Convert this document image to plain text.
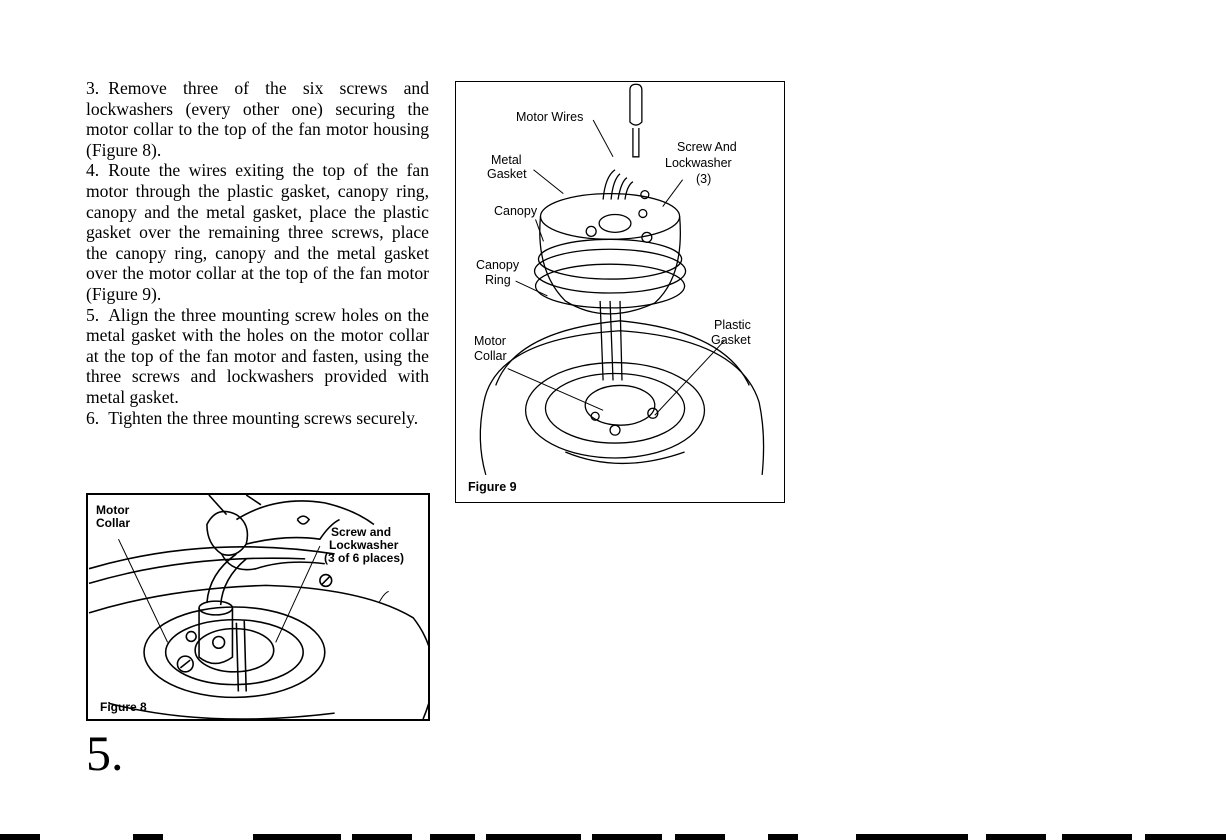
3. Remove three of the six screws and lockwashers (every other one) securing the motor collar to the top of the fan motor housing (Figure 8).

4. Route the wires exiting the top of the fan motor through the plastic gasket, canopy ring, canopy and the metal gasket, place the plastic gasket over the remaining three screws, place the canopy ring, canopy and the metal gasket over the motor collar at the top of the fan motor (Figure 9).

5. Align the three mounting screw holes on the metal gasket with the holes on the motor collar at the top of the fan motor and fasten, using the three screws and lockwashers provided with metal gasket.

6. Tighten the three mounting screws securely.

Motor
Collar
Screw and
Lockwasher
(3 of 6 places)
Figure 8
Motor Wires
Metal
Gasket
Screw And
Lockwasher
(3)
Canopy
Canopy
Ring
Plastic
Gasket
Motor
Collar
Figure 9
5.
